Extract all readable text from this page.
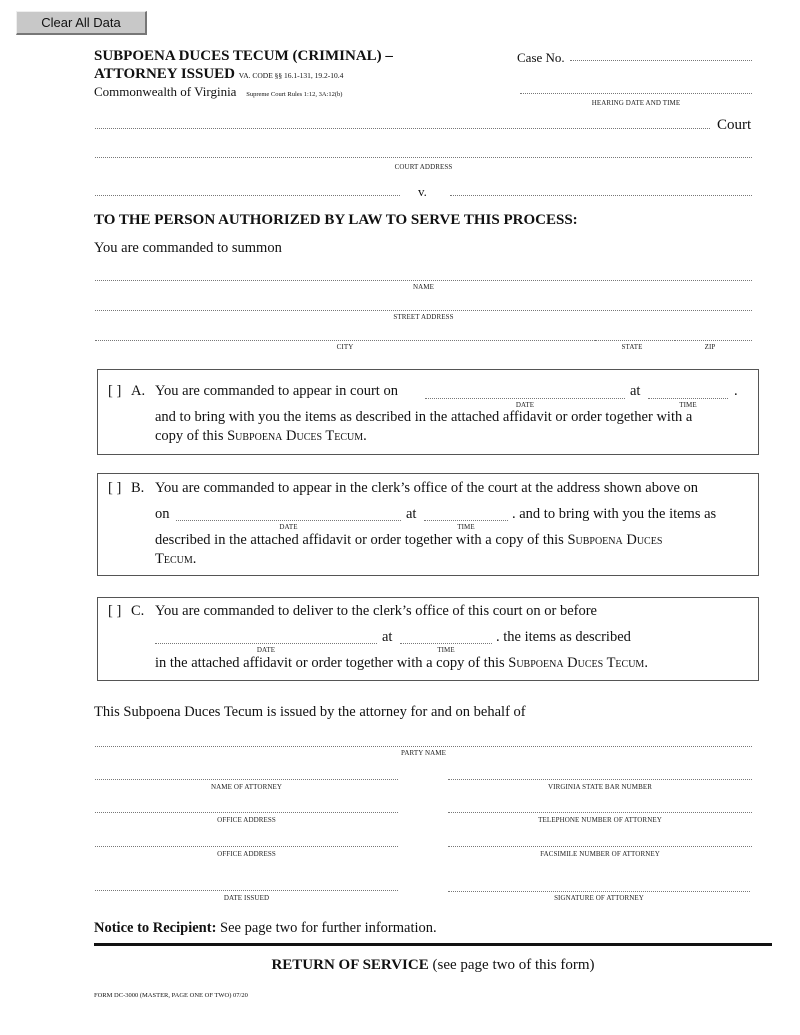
Clear All Data
SUBPOENA DUCES TECUM (CRIMINAL) –
ATTORNEY ISSUED VA. CODE §§ 16.1-131, 19.2-10.4
Commonwealth of Virginia Supreme Court Rules 1:12, 3A:12(b)
Case No.
HEARING DATE AND TIME
Court
COURT ADDRESS
v.
TO THE PERSON AUTHORIZED BY LAW TO SERVE THIS PROCESS:
You are commanded to summon
NAME
STREET ADDRESS
CITY	STATE	ZIP
[ ] A. You are commanded to appear in court on
DATE
at
TIME
.
and to bring with you the items as described in the attached affidavit or order together with a
copy of this Subpoena Duces Tecum.
[ ] B. You are commanded to appear in the clerk’s office of the court at the address shown above on
on
DATE
at
TIME
. and to bring with you the items as
described in the attached affidavit or order together with a copy of this Subpoena Duces
Tecum.
[ ] C. You are commanded to deliver to the clerk’s office of this court on or before
DATE
at
TIME
. the items as described
in the attached affidavit or order together with a copy of this Subpoena Duces Tecum.
This Subpoena Duces Tecum is issued by the attorney for and on behalf of
PARTY NAME
NAME OF ATTORNEY	VIRGINIA STATE BAR NUMBER
OFFICE ADDRESS	TELEPHONE NUMBER OF ATTORNEY
OFFICE ADDRESS	FACSIMILE NUMBER OF ATTORNEY
DATE ISSUED	SIGNATURE OF ATTORNEY
Notice to Recipient: See page two for further information.
RETURN OF SERVICE (see page two of this form)
FORM DC-3000 (MASTER, PAGE ONE OF TWO) 07/20
